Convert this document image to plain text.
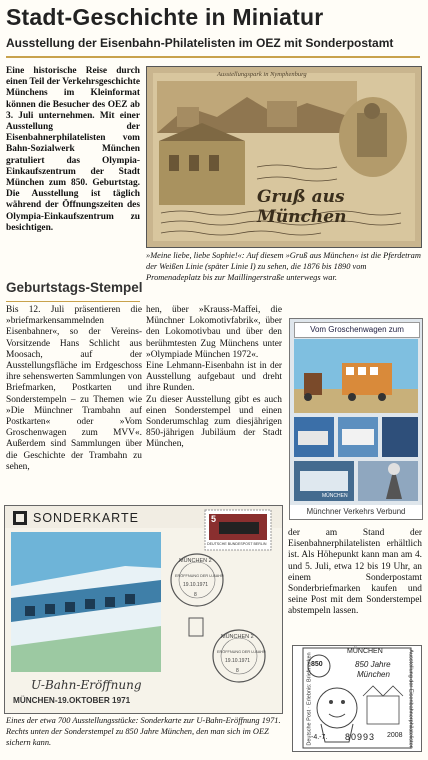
Stadt-Geschichte in Miniatur
Ausstellung der Eisenbahn-Philatelisten im OEZ mit Sonderpostamt
Eine historische Reise durch einen Teil der Verkehrsgeschichte Münchens im Kleinformat können die Besucher des OEZ ab 3. Juli unternehmen. Mit einer Ausstellung der Eisenbahnerphilatelisten vom Bahn-Sozialwerk München gratuliert das Olympia-Einkaufszentrum der Stadt München zum 850. Geburtstag. Die Ausstellung ist täglich während der Öffnungszeiten des Olympia-Einkaufszentrum zu besichtigen.
Ausstellungspark in Nymphenburg
Gruß aus München
»Meine liebe, liebe Sophie!«: Auf diesem »Gruß aus München« ist die Pferdetram der Weißen Linie (später Linie I) zu sehen, die 1876 bis 1890 vom Promenadeplatz bis zur Maillingerstraße unterwegs war.
Geburtstags-Stempel
Bis 12. Juli präsentieren die »briefmarkensammelnden Eisenbahner«, so der Vereins-Vorsitzende Hans Schlicht aus Moosach, auf der Ausstellungsfläche im Erdgeschoss ihre sehenswerten Sammlungen von Briefmarken, Postkarten und Sonderstempeln – zu Themen wie »Die Münchner Trambahn auf Postkarten« oder »Vom Groschenwagen zum MVV«. Außerdem sind Sammlungen über die Geschichte der Trambahn zu sehen,

hen, über »Krauss-Maffei, die Münchner Lokomotivfabrik«, über den Lokomotivbau und über den berühmtesten Zug Münchens unter »Olympiade München 1972«.

Eine Lehmann-Eisenbahn ist in der Ausstellung aufgebaut und dreht ihre Runden.

Zu dieser Ausstellung gibt es auch einen Sonderstempel und einen Sonderumschlag zum diesjährigen 850-jährigen Jubiläum der Stadt München,

Vom Groschenwagen zum
MÜNCHEN
Münchner Verkehrs Verbund
der am Stand der Eisenbahnerphilatelisten erhältlich ist. Als Höhepunkt kann man am 4. und 5. Juli, etwa 12 bis 19 Uhr, an einem Sonderpostamt Sonderbriefmarken kaufen und seine Post mit dem Sonderstempel abstempeln lassen.
SONDERKARTE	5
DEUTSCHE BUNDESPOST BERLIN
MÜNCHEN 2
ERÖFFNUNG DER U-BAHN
19.10.1971
8
MÜNCHEN 2
ERÖFFNUNG DER U-BAHN
19.10.1971
8
U-Bahn-Eröffnung
MÜNCHEN-19.OKTOBER 1971
Eines der etwa 700 Ausstellungsstücke: Sonderkarte zur U-Bahn-Eröffnung 1971. Rechts unten der Sonderstempel zu 850 Jahre München, den man sich im OEZ sichern kann.	Deutsche Post · Erlebnis: Briefmarken	Ausstellung der Eisenbahnerphilatelisten
MÜNCHEN
850	850 Jahre
München
-4.-7. 80993 2008
